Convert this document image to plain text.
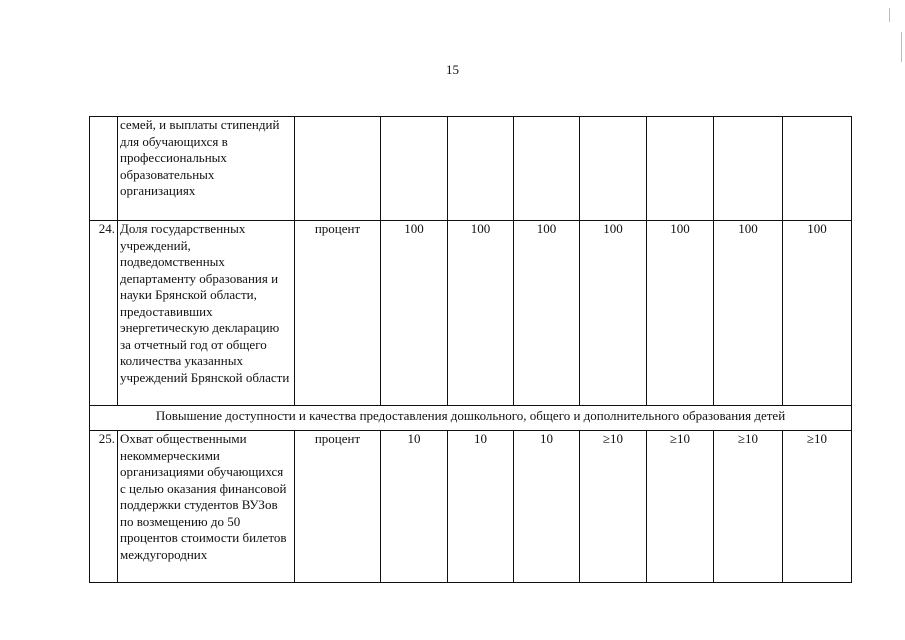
15
	семей, и выплаты стипендий для обучающихся в профессиональных образовательных организациях								
24.	Доля государственных учреждений, подведомственных департаменту образования и науки Брянской области, предоставивших энергетическую декларацию за отчетный год от общего количества указанных учреждений Брянской области	процент	100	100	100	100	100	100	100
Повышение доступности и качества предоставления дошкольного, общего и дополнительного образования детей									
25.	Охват общественными некоммерческими организациями обучающихся с целью оказания финансовой поддержки студентов ВУЗов по возмещению до 50 процентов стоимости билетов междугородних	процент	10	10	10	≥10	≥10	≥10	≥10
